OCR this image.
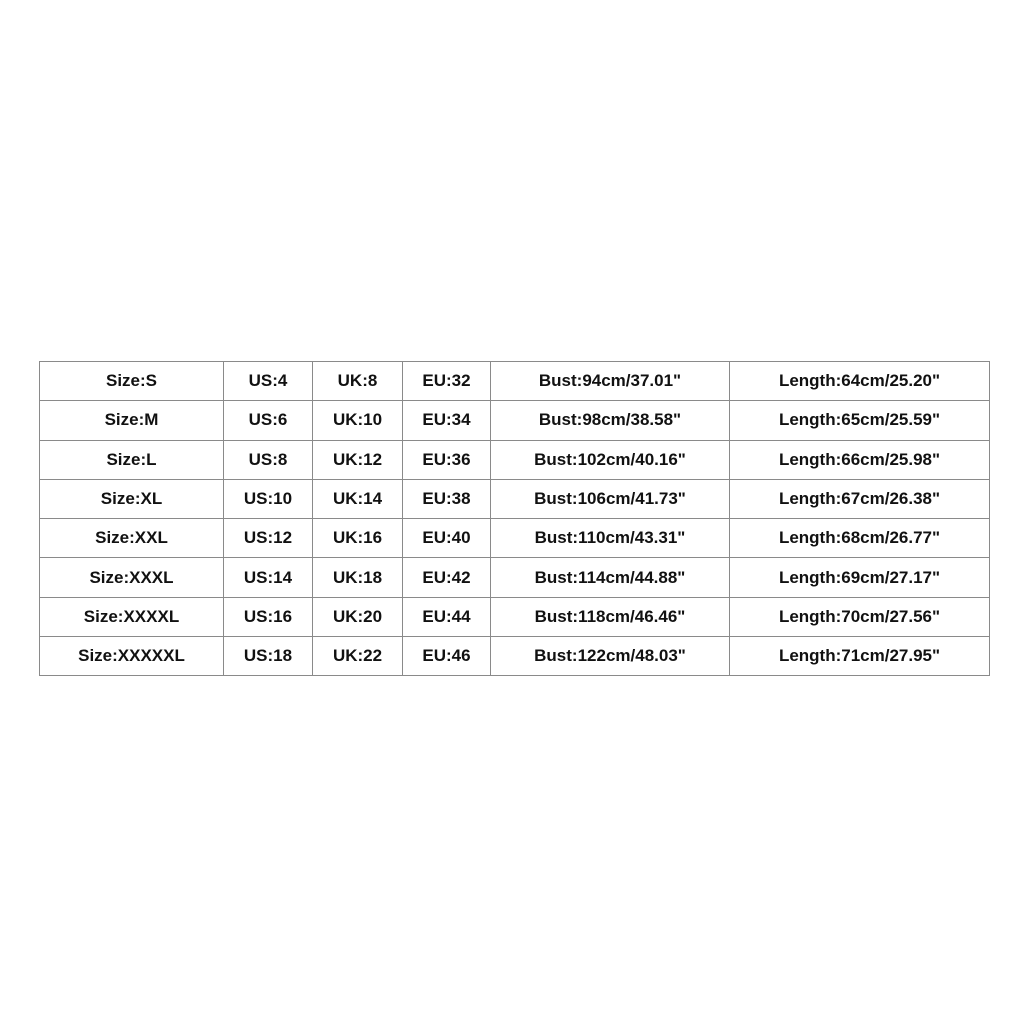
Size:S	US:4	UK:8	EU:32	Bust:94cm/37.01"	Length:64cm/25.20"
Size:M	US:6	UK:10	EU:34	Bust:98cm/38.58"	Length:65cm/25.59"
Size:L	US:8	UK:12	EU:36	Bust:102cm/40.16"	Length:66cm/25.98"
Size:XL	US:10	UK:14	EU:38	Bust:106cm/41.73"	Length:67cm/26.38"
Size:XXL	US:12	UK:16	EU:40	Bust:110cm/43.31"	Length:68cm/26.77"
Size:XXXL	US:14	UK:18	EU:42	Bust:114cm/44.88"	Length:69cm/27.17"
Size:XXXXL	US:16	UK:20	EU:44	Bust:118cm/46.46"	Length:70cm/27.56"
Size:XXXXXL	US:18	UK:22	EU:46	Bust:122cm/48.03"	Length:71cm/27.95"
